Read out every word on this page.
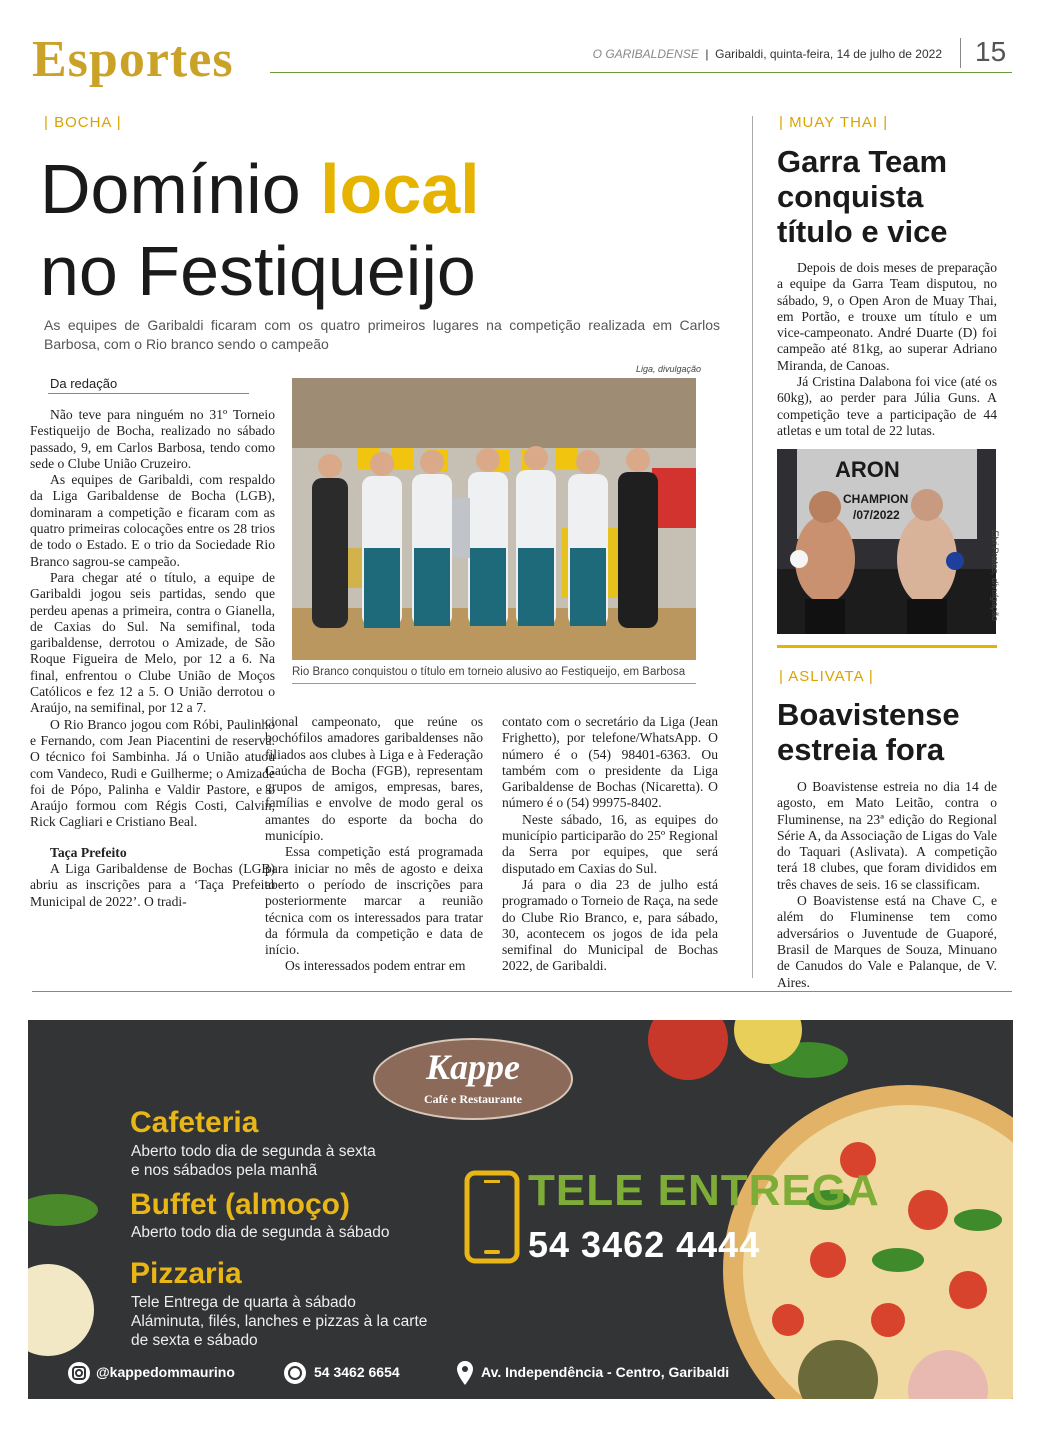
Esportes	O GARIBALDENSE  |  Garibaldi, quinta-feira, 14 de julho de 2022 15
| BOCHA |
Domínio local
no Festiqueijo
As equipes de Garibaldi ficaram com os quatro primeiros lugares na competição realizada em Carlos Barbosa, com o Rio branco sendo o campeão
Da redação

Não teve para ninguém no 31º Torneio Festiqueijo de Bocha, realizado no sábado passado, 9, em Carlos Barbosa, tendo como sede o Clube União Cruzeiro.

As equipes de Garibaldi, com respaldo da Liga Garibaldense de Bocha (LGB), dominaram a competição e ficaram com as quatro primeiras colocações entre os 28 trios de todo o Estado. E o trio da Sociedade Rio Branco sagrou-se campeão.

Para chegar até o título, a equipe de Garibaldi jogou seis partidas, sendo que perdeu apenas a primeira, contra o Gianella, de Caxias do Sul. Na semifinal, toda garibaldense, derrotou o Amizade, de São Roque Figueira de Melo, por 12 a 6. Na final, enfrentou o Clube União de Moços Católicos e fez 12 a 5. O União derrotou o Araújo, na semifinal, por 12 a 7.

O Rio Branco jogou com Róbi, Paulinho e Fernando, com Jean Piacentini de reserva. O técnico foi Sambinha. Já o União atuou com Vandeco, Rudi e Guilherme; o Amizade foi de Pópo, Palinha e Valdir Pastore, e o Araújo formou com Régis Costi, Calvin, Rick Cagliari e Cristiano Beal.

Taça Prefeito

A Liga Garibaldense de Bochas (LGB) abriu as inscrições para a ‘Taça Prefeito Municipal de 2022’. O tradi-

Liga, divulgação
Rio Branco conquistou o título em torneio alusivo ao Festiqueijo, em Barbosa

cional campeonato, que reúne os bochófilos amadores garibaldenses não filiados aos clubes à Liga e à Federação Gaúcha de Bocha (FGB), representam grupos de amigos, empresas, bares, famílias e envolve de modo geral os amantes do esporte da bocha do município.

Essa competição está programada para iniciar no mês de agosto e deixa aberto o período de inscrições para posteriormente marcar a reunião técnica com os interessados para tratar da fórmula da competição e data de início.

Os interessados podem entrar em

contato com o secretário da Liga (Jean Frighetto), por telefone/WhatsApp. O número é o (54) 98401-6363. Ou também com o presidente da Liga Garibaldense de Bochas (Nicaretta). O número é o (54) 99975-8402.

Neste sábado, 16, as equipes do município participarão do 25º Regional da Serra por equipes, que será disputado em Caxias do Sul.

Já para o dia 23 de julho está programado o Torneio de Raça, na sede do Clube Rio Branco, e, para sábado, 30, acontecem os jogos de ida pela semifinal do Municipal de Bochas 2022, de Garibaldi.

| MUAY THAI |
Garra Team conquista título e vice

Depois de dois meses de preparação a equipe da Garra Team disputou, no sábado, 9, o Open Aron de Muay Thai, em Portão, e trouxe um título e um vice-campeonato. André Duarte (D) foi campeão até 81kg, ao superar Adriano Miranda, de Canoas.

Já Cristina Dalabona foi vice (até os 60kg), ao perder para Júlia Guns. A competição teve a participação de 44 atletas e um total de 22 lutas.

ARON
CHAMPION
/07/2022
Elvi Prates, divulgação
| ASLIVATA |
Boavistense estreia fora

O Boavistense estreia no dia 14 de agosto, em Mato Leitão, contra o Fluminense, na 23ª edição do Regional Série A, da Associação de Ligas do Vale do Taquari (Aslivata). A competição terá 18 clubes, que foram divididos em três chaves de seis. 16 se classificam.

O Boavistense está na Chave C, e além do Fluminense tem como adversários o Juventude de Guaporé, Brasil de Marques de Souza, Minuano de Canudos do Vale e Palanque, de V. Aires.

Kappe
Café e Restaurante
Cafeteria
Aberto todo dia de segunda à sexta
e nos sábados pela manhã
Buffet (almoço)
Aberto todo dia de segunda à sábado
Pizzaria
Tele Entrega de quarta à sábado
Aláminuta, filés, lanches e pizzas à la carte
de sexta e sábado
TELE ENTREGA
54 3462 4444
@kappedommaurino	54 3462 6654	Av. Independência - Centro, Garibaldi
